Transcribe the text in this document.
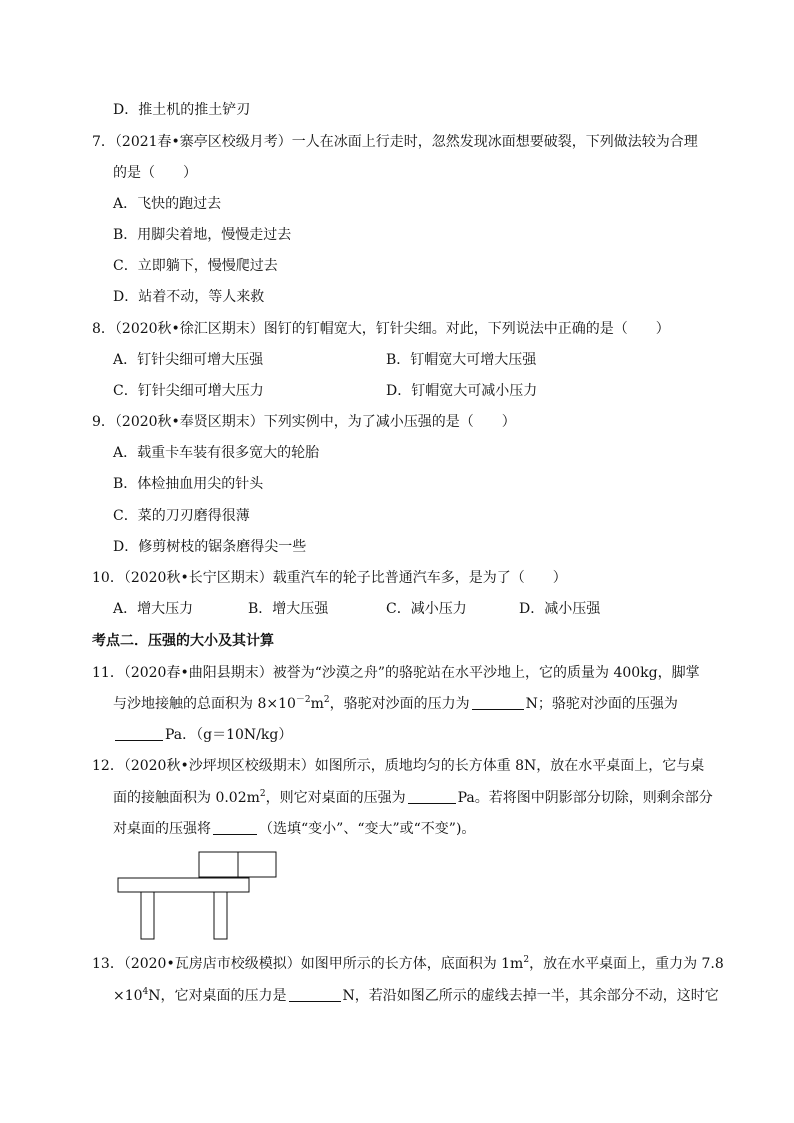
D．推土机的推土铲刃
7．（2021春•寨亭区校级月考）一人在冰面上行走时，忽然发现冰面想要破裂，下列做法较为合理
的是（　　）
A．飞快的跑过去
B．用脚尖着地，慢慢走过去
C．立即躺下，慢慢爬过去
D．站着不动，等人来救
8．（2020秋•徐汇区期末）图钉的钉帽宽大，钉针尖细。对此，下列说法中正确的是（　　）
A．钉针尖细可增大压强	B．钉帽宽大可增大压强
C．钉针尖细可增大压力	D．钉帽宽大可减小压力
9．（2020秋•奉贤区期末）下列实例中，为了减小压强的是（　　）
A．载重卡车装有很多宽大的轮胎
B．体检抽血用尖的针头
C．菜的刀刃磨得很薄
D．修剪树枝的锯条磨得尖一些
10．（2020秋•长宁区期末）载重汽车的轮子比普通汽车多，是为了（　　）
A．增大压力	B．增大压强	C．减小压力	D．减小压强
考点二．压强的大小及其计算
11．（2020春•曲阳县期末）被誉为“沙漠之舟”的骆驼站在水平沙地上，它的质量为 400kg，脚掌
与沙地接触的总面积为 $8\times 10^{-2}m^2$，骆驼对沙面的压力为	N；骆驼对沙面的压强为
Pa．（g＝10N/kg）
12．（2020秋•沙坪坝区校级期末）如图所示，质地均匀的长方体重 8N，放在水平桌面上，它与桌
面的接触面积为 $0.02m^2$，则它对桌面的压强为	Pa。若将图中阴影部分切除，则剩余部分
对桌面的压强将	（选填“变小”、“变大”或“不变”)。
13．（2020•瓦房店市校级模拟）如图甲所示的长方体，底面积为 $1m^2$，放在水平桌面上，重力为 7.8
$\times 10^4N$，它对桌面的压力是	N，若沿如图乙所示的虚线去掉一半，其余部分不动，这时它
